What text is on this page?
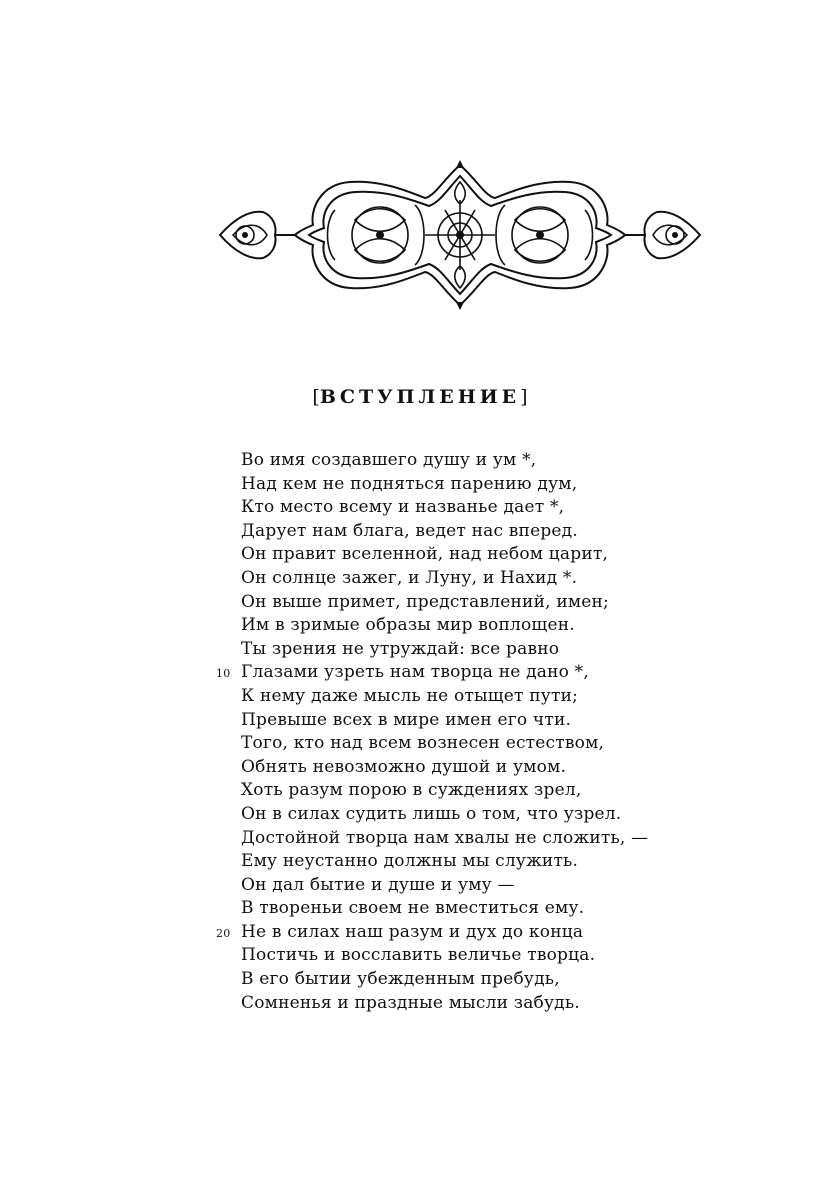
[ВСТУПЛЕНИЕ]
Во имя создавшего душу и ум *,
Над кем не подняться парению дум,
Кто место всему и названье дает *,
Дарует нам блага, ведет нас вперед.
Он правит вселенной, над небом царит,
Он солнце зажег, и Луну, и Нахид *.
Он выше примет, представлений, имен;
Им в зримые образы мир воплощен.
Ты зрения не утруждай: все равно
10 Глазами узреть нам творца не дано *,
К нему даже мысль не отыщет пути;
Превыше всех в мире имен его чти.
Того, кто над всем вознесен естеством,
Обнять невозможно душой и умом.
Хоть разум порою в суждениях зрел,
Он в силах судить лишь о том, что узрел.
Достойной творца нам хвалы не сложить, —
Ему неустанно должны мы служить.
Он дал бытие и душе и уму —
В твореньи своем не вместиться ему.
20 Не в силах наш разум и дух до конца
Постичь и восславить величье творца.
В его бытии убежденным пребудь,
Сомненья и праздные мысли забудь.
